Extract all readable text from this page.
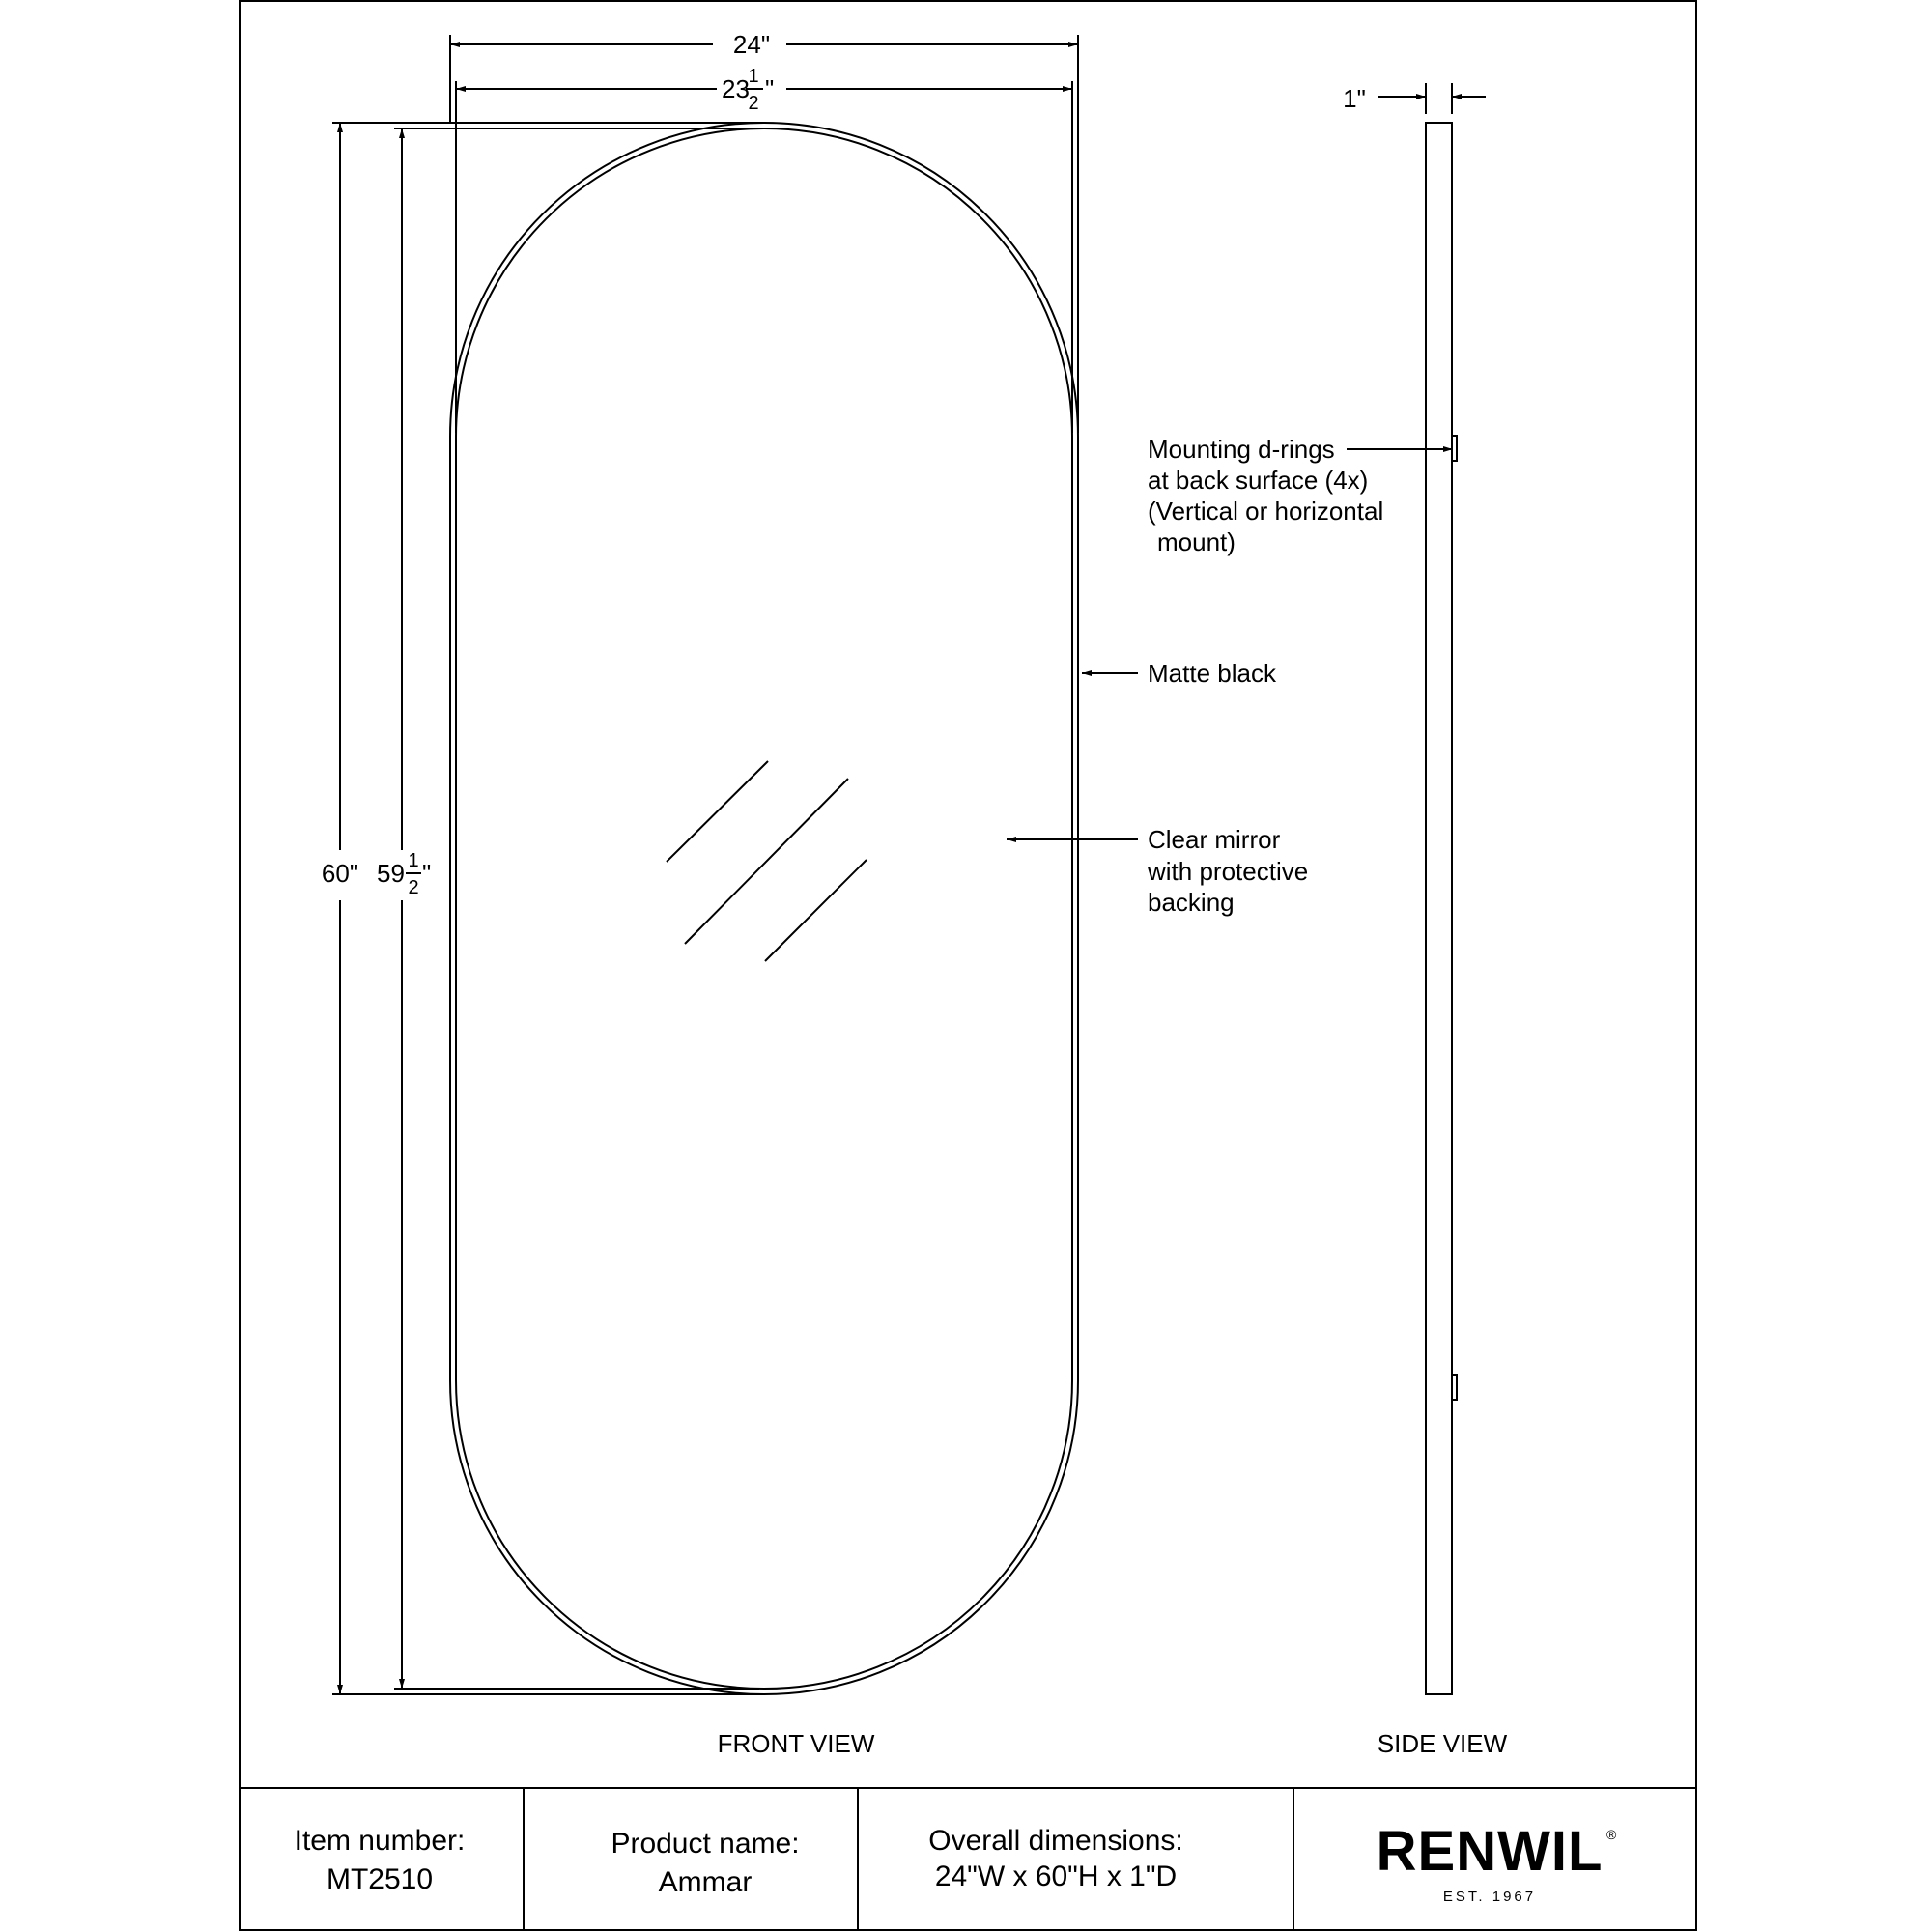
24"
23
1
2 "
60" 59 1
2 "
Matte black
Clear mirror
with protective
backing
Mounting d-rings
at back surface (4x)
(Vertical or horizontal
mount)
1"
FRONT VIEW	SIDE VIEW
Item number:
MT2510
Product name:
Ammar
Overall dimensions:
24"W x 60"H x 1"D	RENWIL ®
EST. 1967
